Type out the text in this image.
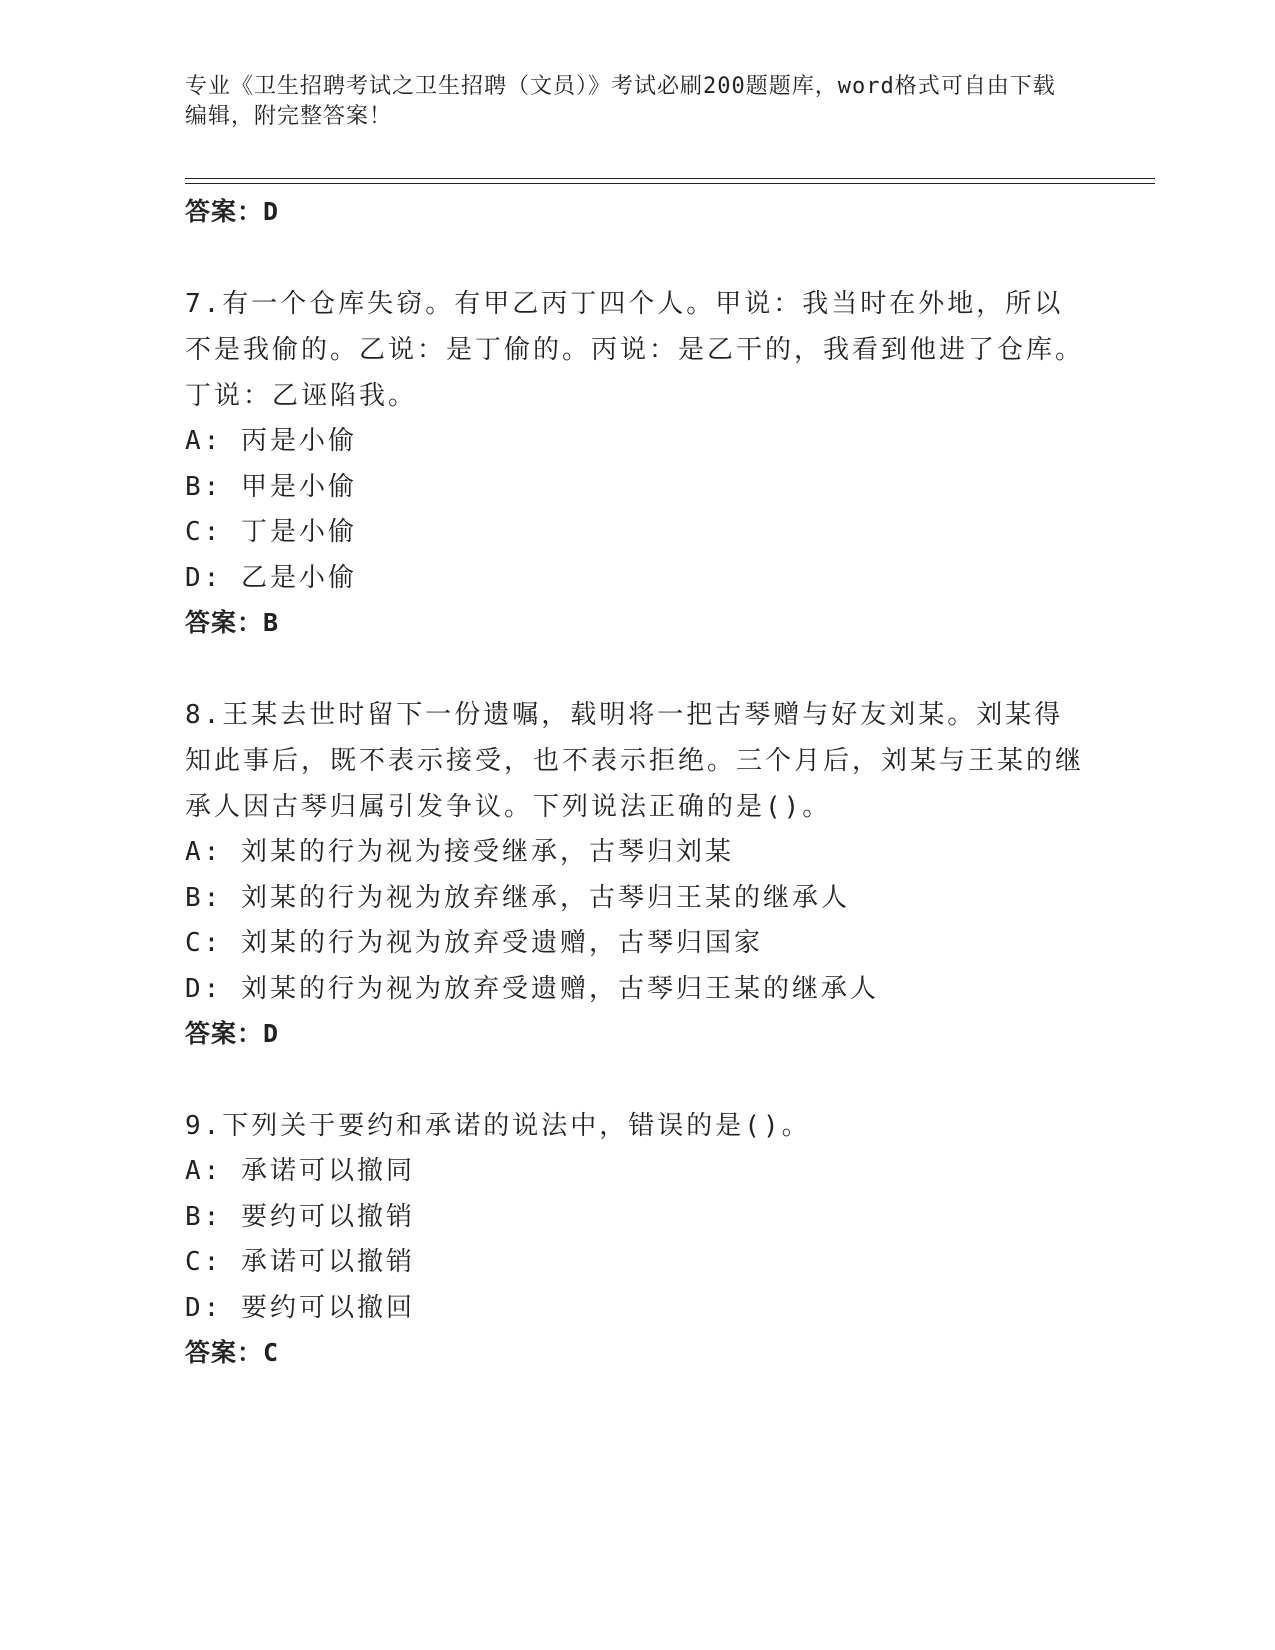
专业《卫生招聘考试之卫生招聘（文员）》考试必刷200题题库，word格式可自由下载编辑，附完整答案！
答案：D
7.有一个仓库失窃。有甲乙丙丁四个人。甲说：我当时在外地，所以不是我偷的。乙说：是丁偷的。丙说：是乙干的，我看到他进了仓库。丁说：乙诬陷我。
A: 丙是小偷
B: 甲是小偷
C: 丁是小偷
D: 乙是小偷
答案：B
8.王某去世时留下一份遗嘱，载明将一把古琴赠与好友刘某。刘某得知此事后，既不表示接受，也不表示拒绝。三个月后，刘某与王某的继承人因古琴归属引发争议。下列说法正确的是()。
A: 刘某的行为视为接受继承，古琴归刘某
B: 刘某的行为视为放弃继承，古琴归王某的继承人
C: 刘某的行为视为放弃受遗赠，古琴归国家
D: 刘某的行为视为放弃受遗赠，古琴归王某的继承人
答案：D
9.下列关于要约和承诺的说法中，错误的是()。
A: 承诺可以撤同
B: 要约可以撤销
C: 承诺可以撤销
D: 要约可以撤回
答案：C
